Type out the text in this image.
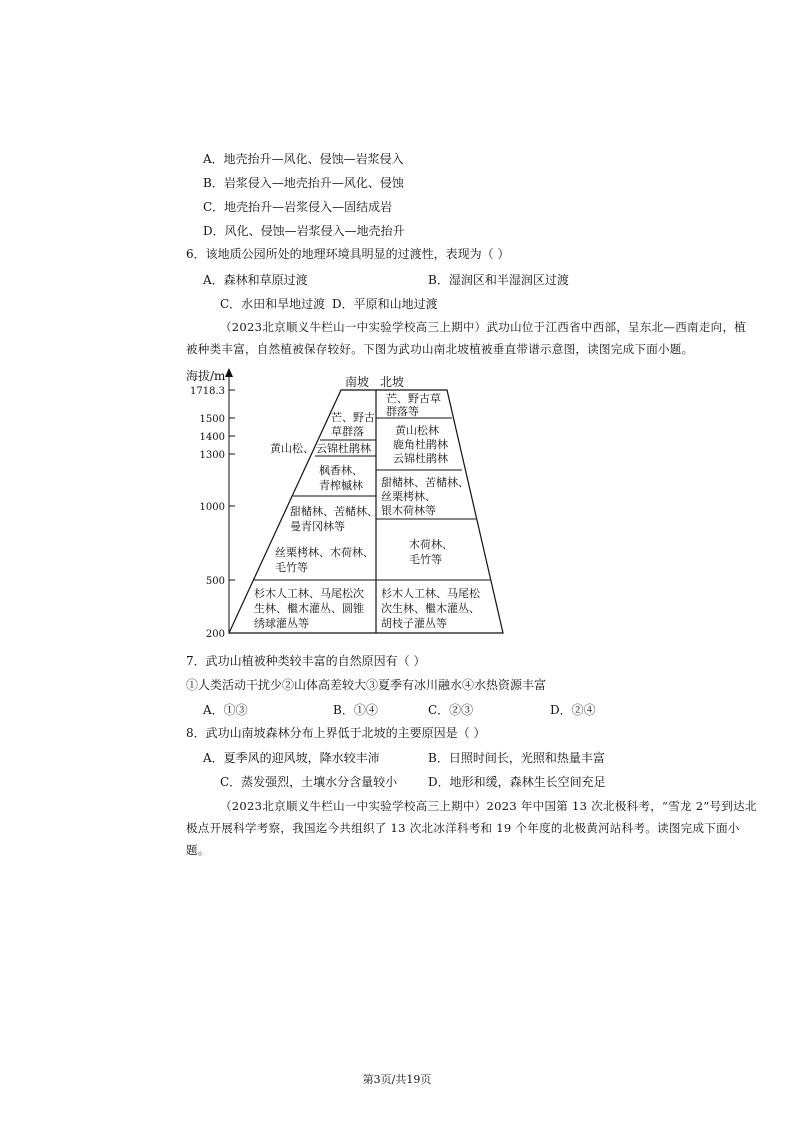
A．地壳抬升—风化、侵蚀—岩浆侵入
B．岩浆侵入—地壳抬升—风化、侵蚀
C．地壳抬升—岩浆侵入—固结成岩
D．风化、侵蚀—岩浆侵入—地壳抬升
6．该地质公园所处的地理环境具明显的过渡性，表现为（ ）
A．森林和草原过渡	B．湿润区和半湿润区过渡
C．水田和旱地过渡 D．平原和山地过渡
（2023北京顺义牛栏山一中实验学校高三上期中）武功山位于江西省中西部，呈东北—西南走向，植
被种类丰富，自然植被保存较好。下图为武功山南北坡植被垂直带谱示意图，读图完成下面小题。
海拔/m
1718.3
1500
1400
1300
1000
500
200
南坡 北坡
黄山松、
芒、野古
草群落
云锦杜鹃林
枫香林、
青榨槭林
甜槠林、苦槠林、
曼青冈林等
丝栗栲林、木荷林、
毛竹等
杉木人工林、马尾松次
生林、檵木灌丛、圆锥
绣球灌丛等
芒、野古草
群落等
黄山松林
鹿角杜鹃林
云锦杜鹃林
甜槠林、苦槠林、
丝栗栲林、
银木荷林等
木荷林、
毛竹等
杉木人工林、马尾松
次生林、檵木灌丛、
胡枝子灌丛等
7．武功山植被种类较丰富的自然原因有（ ）
①人类活动干扰少②山体高差较大③夏季有冰川融水④水热资源丰富
A．①③	B．①④	C．②③	D．②④
8．武功山南坡森林分布上界低于北坡的主要原因是（ ）
A．夏季风的迎风坡，降水较丰沛	B．日照时间长，光照和热量丰富
C．蒸发强烈，土壤水分含量较小	D．地形和缓，森林生长空间充足
（2023北京顺义牛栏山一中实验学校高三上期中）2023 年中国第 13 次北极科考，“雪龙 2”号到达北
极点开展科学考察，我国迄今共组织了 13 次北冰洋科考和 19 个年度的北极黄河站科考。读图完成下面小
题。
第3页/共19页
